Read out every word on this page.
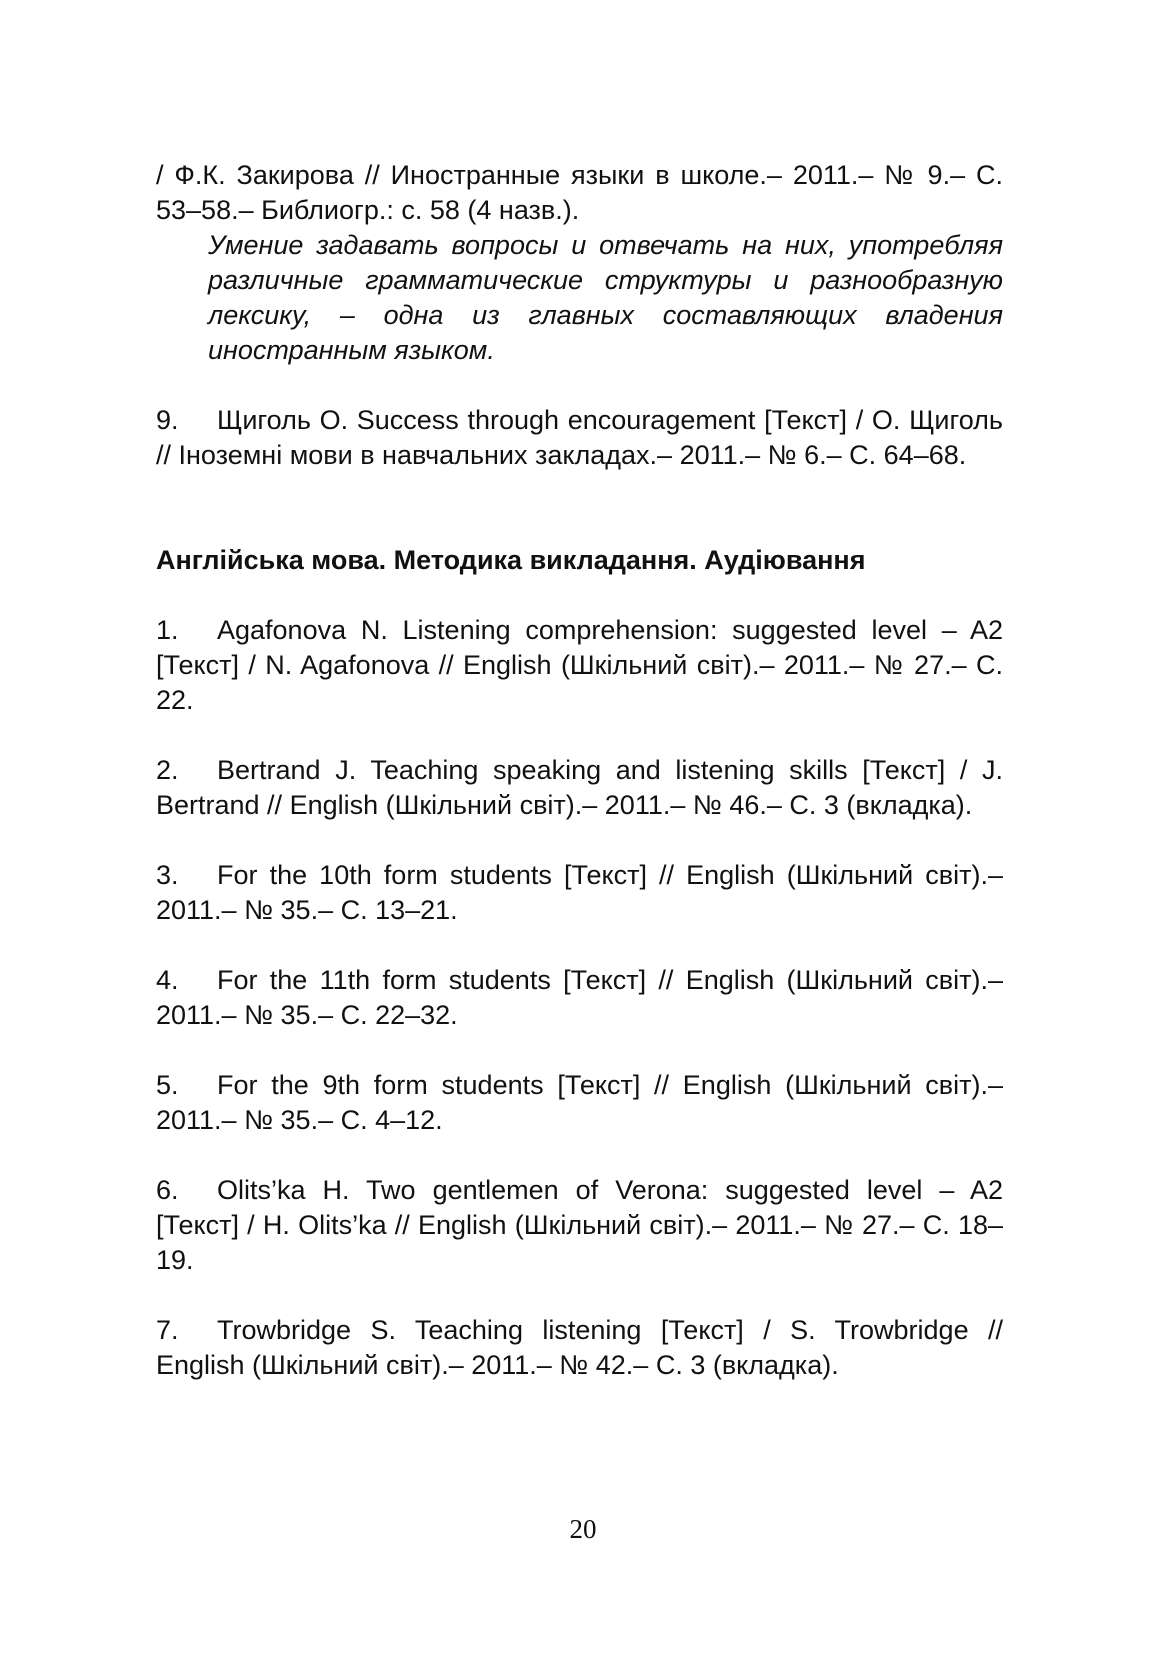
/ Ф.К. Закирова // Иностранные языки в школе.– 2011.– № 9.– С. 53–58.– Библиогр.: с. 58 (4 назв.).

Умение задавать вопросы и отвечать на них, употребляя различные грамматические структуры и разнообразную лексику, – одна из главных составляющих владения иностранным языком.

9. Щиголь О. Success through encouragement [Текст] / О. Щиголь // Іноземні мови в навчальних закладах.– 2011.– № 6.– С. 64–68.

Англійська мова. Методика викладання. Аудіювання

1. Agafonova N. Listening comprehension: suggested level – A2 [Текст] / N. Agafonova // English (Шкільний світ).– 2011.– № 27.– С. 22.

2. Bertrand J. Teaching speaking and listening skills [Текст] / J. Bertrand // English (Шкільний світ).– 2011.– № 46.– С. 3 (вкладка).

3. For the 10th form students [Текст] // English (Шкільний світ).– 2011.– № 35.– С. 13–21.

4. For the 11th form students [Текст] // English (Шкільний світ).– 2011.– № 35.– С. 22–32.

5. For the 9th form students [Текст] // English (Шкільний світ).– 2011.– № 35.– С. 4–12.

6. Olits’ka H. Two gentlemen of Verona: suggested level – A2 [Текст] / H. Olits’ka // English (Шкільний світ).– 2011.– № 27.– С. 18–19.

7. Trowbridge S. Teaching listening [Текст] / S. Trowbridge // English (Шкільний світ).– 2011.– № 42.– С. 3 (вкладка).

20
